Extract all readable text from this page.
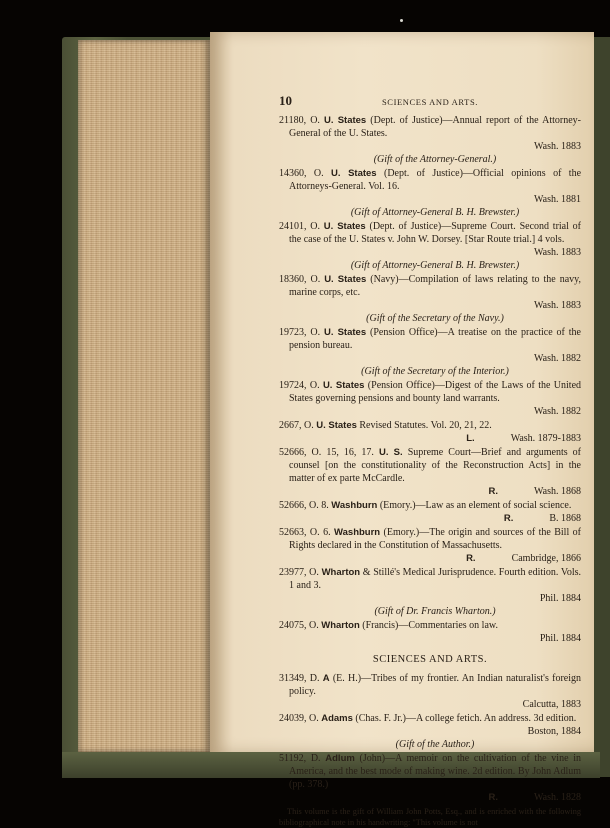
10	SCIENCES AND ARTS.
21180, O. U. States (Dept. of Justice)—Annual report of the Attorney-General of the U. States.
Wash. 1883
(Gift of the Attorney-General.)
14360, O. U. States (Dept. of Justice)—Official opinions of the Attorneys-General. Vol. 16.
Wash. 1881
(Gift of Attorney-General B. H. Brewster.)
24101, O. U. States (Dept. of Justice)—Supreme Court. Second trial of the case of the U. States v. John W. Dorsey. [Star Route trial.] 4 vols.
Wash. 1883
(Gift of Attorney-General B. H. Brewster.)
18360, O. U. States (Navy)—Compilation of laws relating to the navy, marine corps, etc.
Wash. 1883
(Gift of the Secretary of the Navy.)
19723, O. U. States (Pension Office)—A treatise on the practice of the pension bureau.
Wash. 1882
(Gift of the Secretary of the Interior.)
19724, O. U. States (Pension Office)—Digest of the Laws of the United States governing pensions and bounty land warrants.
Wash. 1882
2667, O. U. States Revised Statutes. Vol. 20, 21, 22.
L.	Wash. 1879-1883
52666, O. 15, 16, 17. U. S. Supreme Court—Brief and arguments of counsel [on the constitutionality of the Reconstruction Acts] in the matter of ex parte McCardle.
R.	Wash. 1868
52666, O. 8. Washburn (Emory.)—Law as an element of social science.
R.	B. 1868
52663, O. 6. Washburn (Emory.)—The origin and sources of the Bill of Rights declared in the Constitution of Massachusetts.
R.	Cambridge, 1866
23977, O. Wharton & Stillé's Medical Jurisprudence. Fourth edition. Vols. 1 and 3.
Phil. 1884
(Gift of Dr. Francis Wharton.)
24075, O. Wharton (Francis)—Commentaries on law.
Phil. 1884
SCIENCES AND ARTS.
31349, D. A (E. H.)—Tribes of my frontier. An Indian naturalist's foreign policy.
Calcutta, 1883
24039, O. Adams (Chas. F. Jr.)—A college fetich. An address. 3d edition.
Boston, 1884
(Gift of the Author.)
51192, D. Adlum (John)—A memoir on the cultivation of the vine in America, and the best mode of making wine. 2d edition. By John Adlum (pp. 378.)
R.	Wash. 1828
This volume is the gift of William John Potts, Esq., and is enriched with the following bibliographical note in his handwriting: "This volume is not
